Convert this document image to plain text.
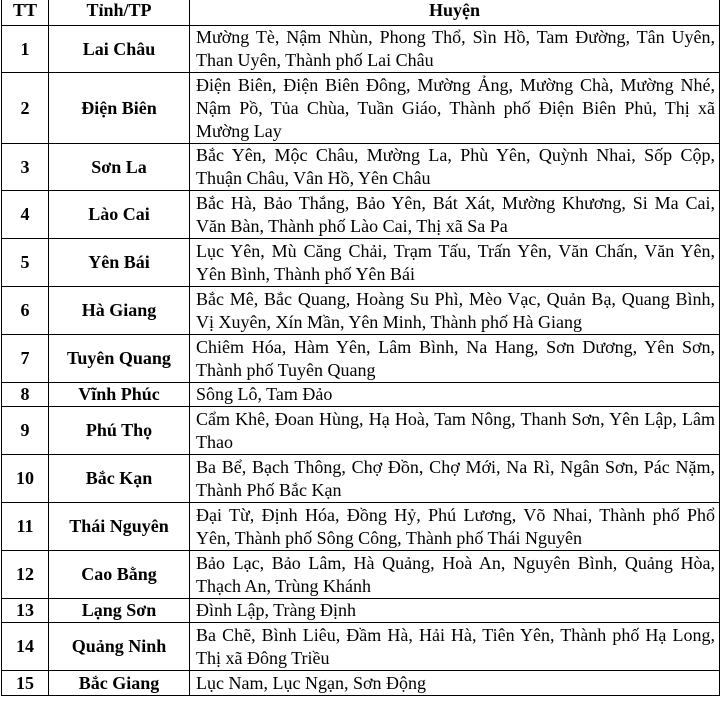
TT	Tỉnh/TP	Huyện
1	Lai Châu	Mường Tè, Nậm Nhùn, Phong Thổ, Sìn Hồ, Tam Đường, Tân Uyên, Than Uyên, Thành phố Lai Châu
2	Điện Biên	Điện Biên, Điện Biên Đông, Mường Ảng, Mường Chà, Mường Nhé, Nậm Pồ, Tủa Chùa, Tuần Giáo, Thành phố Điện Biên Phủ, Thị xã Mường Lay
3	Sơn La	Bắc Yên, Mộc Châu, Mường La, Phù Yên, Quỳnh Nhai, Sốp Cộp, Thuận Châu, Vân Hồ, Yên Châu
4	Lào Cai	Bắc Hà, Bảo Thắng, Bảo Yên, Bát Xát, Mường Khương, Si Ma Cai, Văn Bàn, Thành phố Lào Cai, Thị xã Sa Pa
5	Yên Bái	Lục Yên, Mù Căng Chải, Trạm Tấu, Trấn Yên, Văn Chấn, Văn Yên, Yên Bình, Thành phố Yên Bái
6	Hà Giang	Bắc Mê, Bắc Quang, Hoàng Su Phì, Mèo Vạc, Quản Bạ, Quang Bình, Vị Xuyên, Xín Mần, Yên Minh, Thành phố Hà Giang
7	Tuyên Quang	Chiêm Hóa, Hàm Yên, Lâm Bình, Na Hang, Sơn Dương, Yên Sơn, Thành phố Tuyên Quang
8	Vĩnh Phúc	Sông Lô, Tam Đảo
9	Phú Thọ	Cẩm Khê, Đoan Hùng, Hạ Hoà, Tam Nông, Thanh Sơn, Yên Lập, Lâm Thao
10	Bắc Kạn	Ba Bể, Bạch Thông, Chợ Đồn, Chợ Mới, Na Rì, Ngân Sơn, Pác Nặm, Thành Phố Bắc Kạn
11	Thái Nguyên	Đại Từ, Định Hóa, Đồng Hỷ, Phú Lương, Võ Nhai, Thành phố Phổ Yên, Thành phố Sông Công, Thành phố Thái Nguyên
12	Cao Bằng	Bảo Lạc, Bảo Lâm, Hà Quảng, Hoà An, Nguyên Bình, Quảng Hòa, Thạch An, Trùng Khánh
13	Lạng Sơn	Đình Lập, Tràng Định
14	Quảng Ninh	Ba Chẽ, Bình Liêu, Đầm Hà, Hải Hà, Tiên Yên, Thành phố Hạ Long, Thị xã Đông Triều
15	Bắc Giang	Lục Nam, Lục Ngạn, Sơn Động
